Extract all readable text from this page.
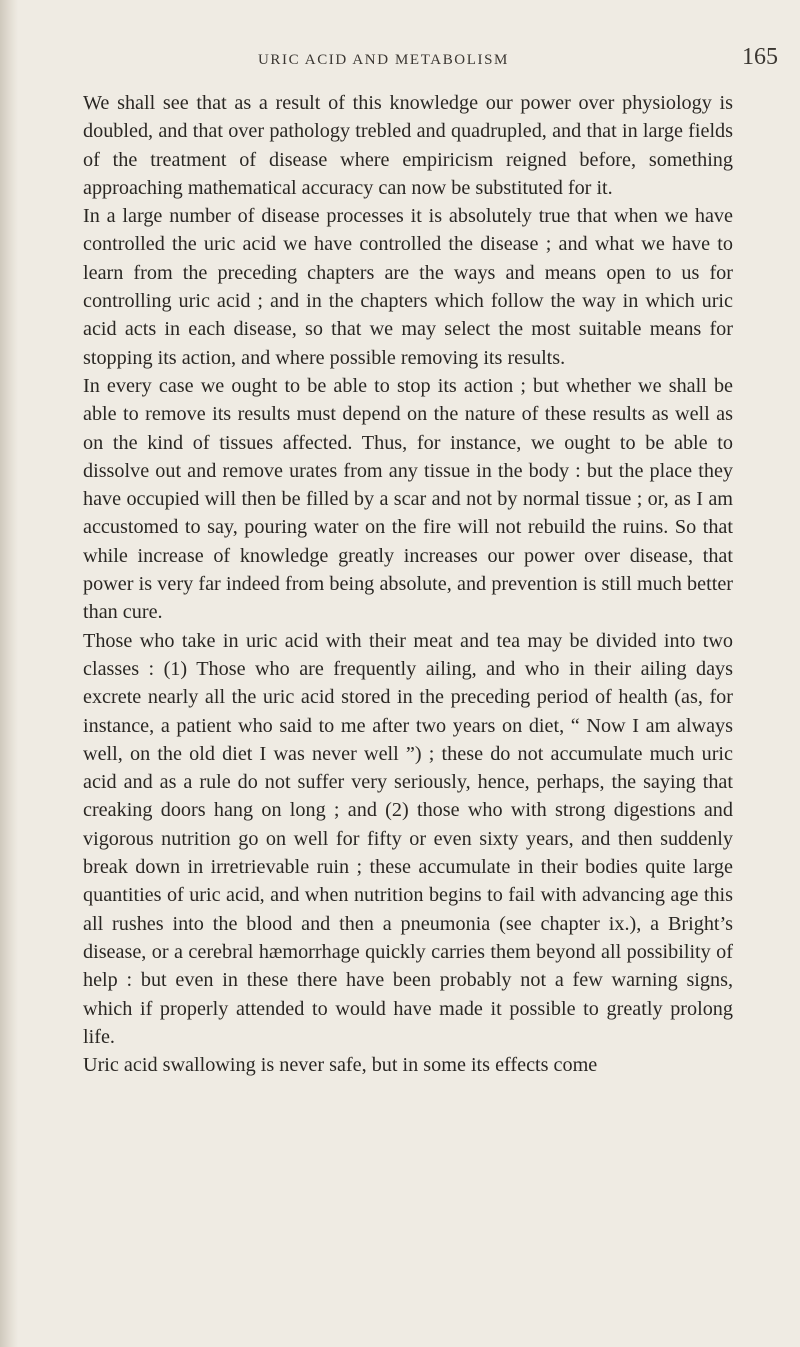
URIC ACID AND METABOLISM	165

We shall see that as a result of this knowledge our power over physiology is doubled, and that over pathology trebled and quadrupled, and that in large fields of the treatment of disease where empiricism reigned before, something approaching mathematical accuracy can now be substituted for it.

In a large number of disease processes it is absolutely true that when we have controlled the uric acid we have controlled the disease ; and what we have to learn from the preceding chapters are the ways and means open to us for controlling uric acid ; and in the chapters which follow the way in which uric acid acts in each disease, so that we may select the most suitable means for stopping its action, and where possible removing its results.

In every case we ought to be able to stop its action ; but whether we shall be able to remove its results must depend on the nature of these results as well as on the kind of tissues affected. Thus, for instance, we ought to be able to dissolve out and remove urates from any tissue in the body : but the place they have occupied will then be filled by a scar and not by normal tissue ; or, as I am accustomed to say, pouring water on the fire will not rebuild the ruins. So that while increase of knowledge greatly increases our power over disease, that power is very far indeed from being absolute, and prevention is still much better than cure.

Those who take in uric acid with their meat and tea may be divided into two classes : (1) Those who are frequently ailing, and who in their ailing days excrete nearly all the uric acid stored in the preceding period of health (as, for instance, a patient who said to me after two years on diet, “ Now I am always well, on the old diet I was never well ”) ; these do not accumulate much uric acid and as a rule do not suffer very seriously, hence, perhaps, the saying that creaking doors hang on long ; and (2) those who with strong digestions and vigorous nutrition go on well for fifty or even sixty years, and then suddenly break down in irretrievable ruin ; these accumulate in their bodies quite large quantities of uric acid, and when nutrition begins to fail with advancing age this all rushes into the blood and then a pneumonia (see chapter ix.), a Bright’s disease, or a cerebral hæmorrhage quickly carries them beyond all possibility of help : but even in these there have been probably not a few warning signs, which if properly attended to would have made it possible to greatly prolong life.

Uric acid swallowing is never safe, but in some its effects come
